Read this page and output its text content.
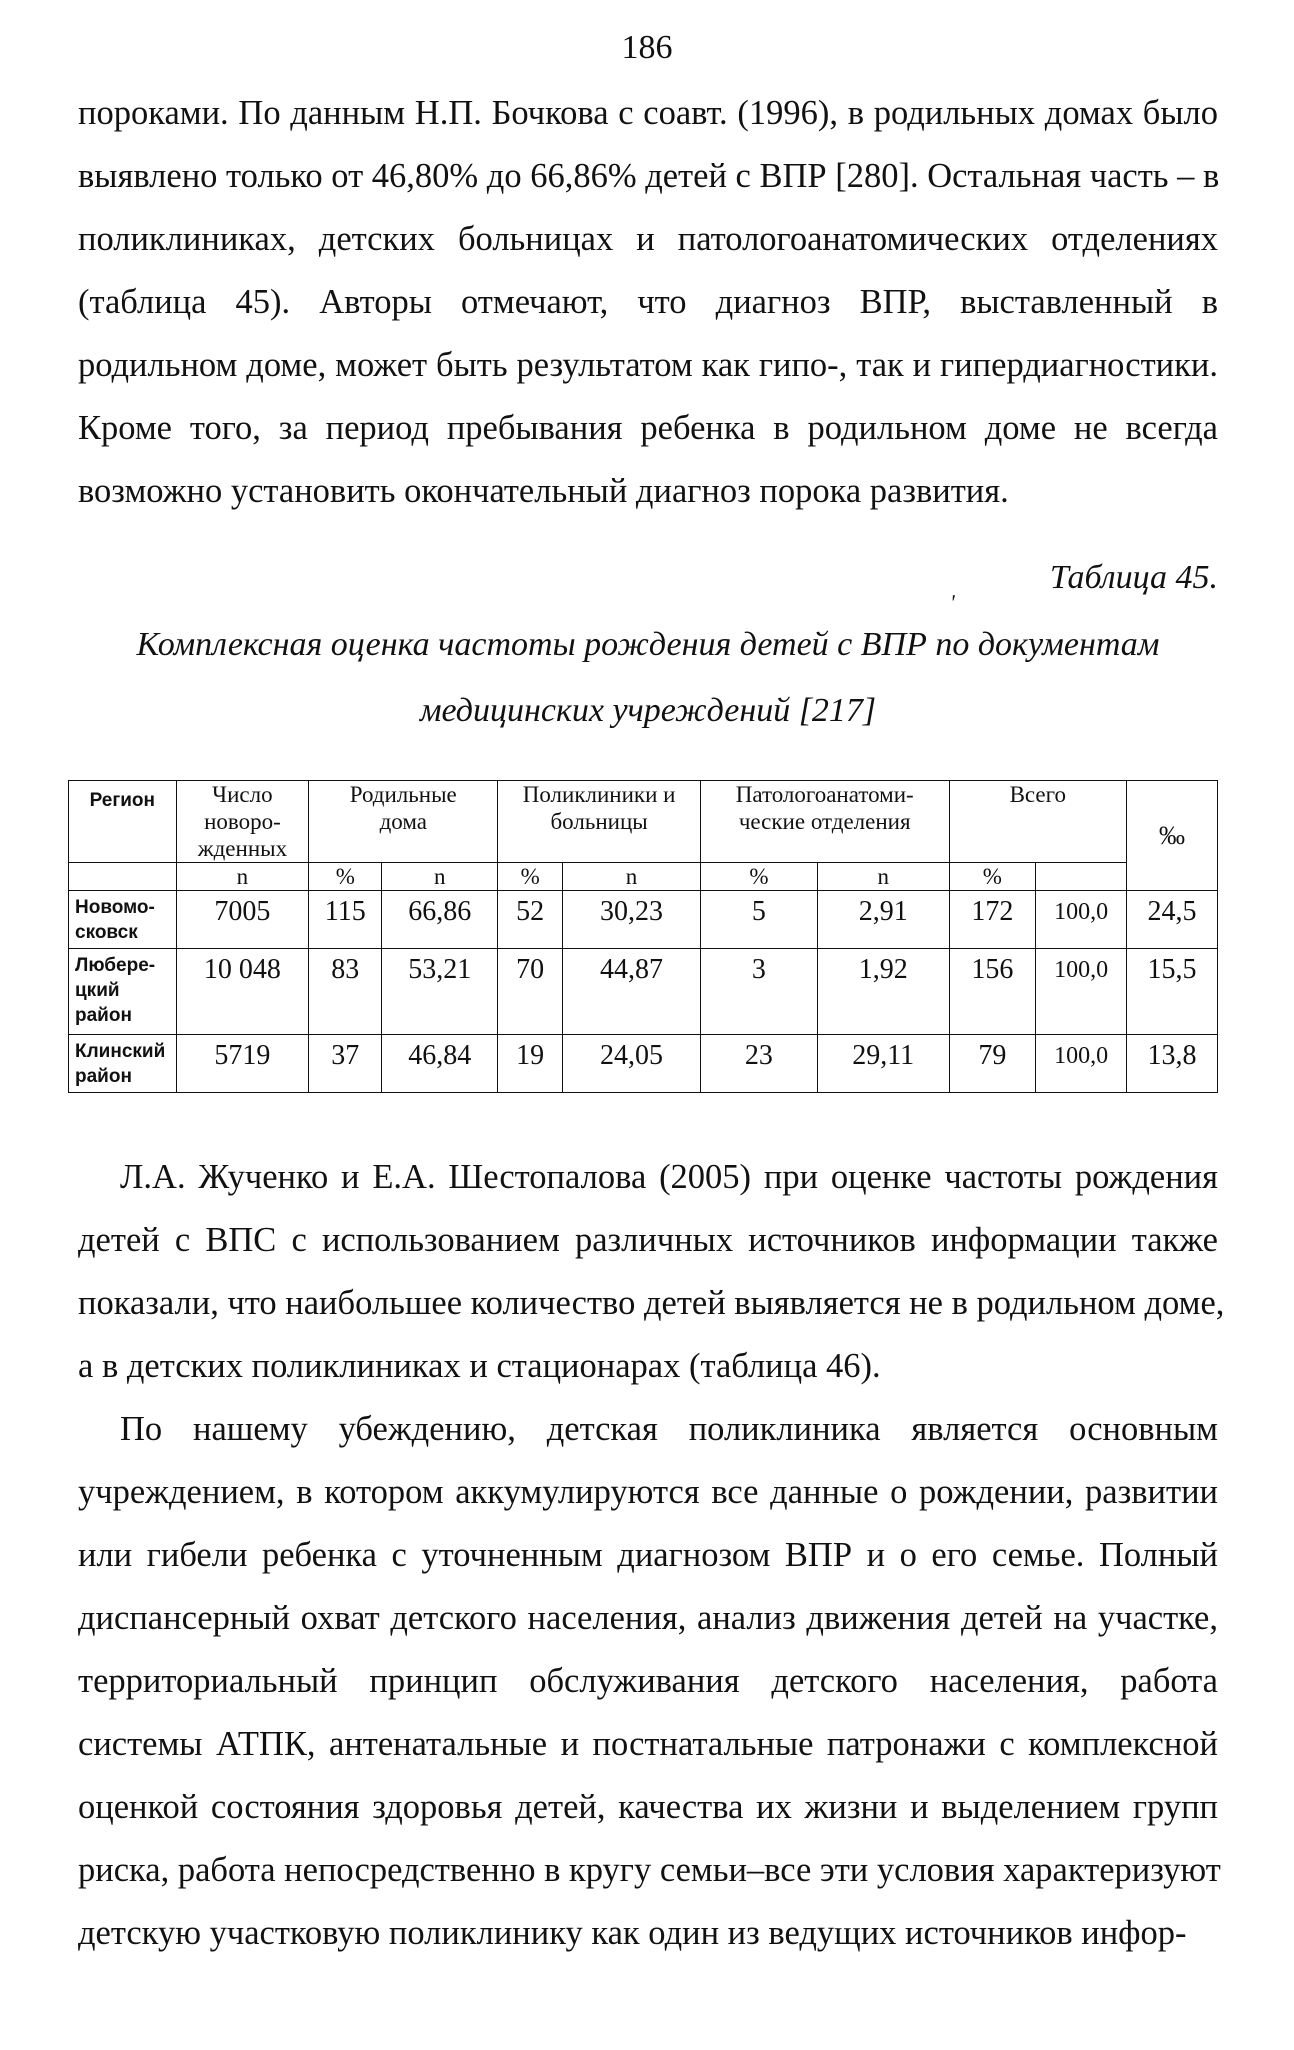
186

пороками. По данным Н.П. Бочкова с соавт. (1996), в родильных домах было
выявлено только от 46,80% до 66,86% детей с ВПР [280]. Остальная часть – в
поликлиниках, детских больницах и патологоанатомических отделениях
(таблица 45). Авторы отмечают, что диагноз ВПР, выставленный в
родильном доме, может быть результатом как гипо-, так и гипердиагностики.
Кроме того, за период пребывания ребенка в родильном доме не всегда
возможно установить окончательный диагноз порока развития.

Таблица 45.
ʹ

Комплексная оценка частоты рождения детей с ВПР по документам
медицинских учреждений [217]

Регион	Число
новоро-
жденных	Родильные
дома		Поликлиники и
больницы		Патологоанатоми-
ческие отделения		Всего		‰

	n	%	n	%	n	%	n	%		
Новомо-
сковск	7005	115	66,86	52	30,23	5	2,91	172	100,0	24,5
Любере-
цкий
район	10 048	83	53,21	70	44,87	3	1,92	156	100,0	15,5
Клинский
район	5719	37	46,84	19	24,05	23	29,11	79	100,0	13,8

Л.А. Жученко и Е.А. Шестопалова (2005) при оценке частоты рождения
детей с ВПС с использованием различных источников информации также
показали, что наибольшее количество детей выявляется не в родильном доме,
а в детских поликлиниках и стационарах (таблица 46).

По нашему убеждению, детская поликлиника является основным
учреждением, в котором аккумулируются все данные о рождении, развитии
или гибели ребенка с уточненным диагнозом ВПР и о его семье. Полный
диспансерный охват детского населения, анализ движения детей на участке,
территориальный принцип обслуживания детского населения, работа
системы АТПК, антенатальные и постнатальные патронажи с комплексной
оценкой состояния здоровья детей, качества их жизни и выделением групп
риска, работа непосредственно в кругу семьи–все эти условия характеризуют
детскую участковую поликлинику как один из ведущих источников инфор-
